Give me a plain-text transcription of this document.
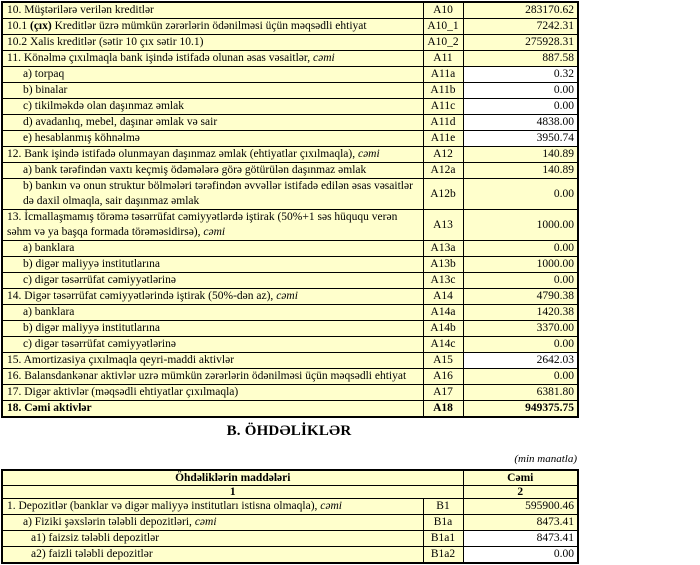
10. Müştərilərə verilən kreditlər	A10	283170.62
10.1 (çıx) Kreditlər üzrə mümkün zərərlərin ödənilməsi üçün məqsədli ehtiyat	A10_1	7242.31
10.2 Xalis kreditlər (sətir 10 çıx sətir 10.1)	A10_2	275928.31
11. Könəlmə çıxılmaqla bank işində istifadə olunan əsas vəsaitlər, cəmi	A11	887.58
a) torpaq	A11a	0.32
b) binalar	A11b	0.00
c) tikilməkdə olan daşınmaz əmlak	A11c	0.00
d) avadanlıq, mebel, daşınar əmlak və sair	A11d	4838.00
e) hesablanmış köhnəlmə	A11e	3950.74
12. Bank işində istifadə olunmayan daşınmaz əmlak (ehtiyatlar çıxılmaqla), cəmi	A12	140.89
a) bank tərəfindən vaxtı keçmiş ödəmələrə görə götürülən daşınmaz əmlak	A12a	140.89
b) bankın və onun struktur bölmələri tərəfindən əvvəllər istifadə edilən əsas vəsaitlər də daxil olmaqla, sair daşınmaz əmlak	A12b	0.00
13. İcmallaşmamış törəmə təsərrüfat cəmiyyətlərdə iştirak (50%+1 səs hüququ verən səhm və ya başqa formada törəməsidirsə), cəmi	A13	1000.00
a) banklara	A13a	0.00
b) digər maliyyə institutlarına	A13b	1000.00
c) digər təsərrüfat cəmiyyətlərinə	A13c	0.00
14. Digər təsərrüfat cəmiyyətlərində iştirak (50%-dən az), cəmi	A14	4790.38
a) banklara	A14a	1420.38
b) digər maliyyə institutlarına	A14b	3370.00
c) digər təsərrüfat cəmiyyətlərinə	A14c	0.00
15. Amortizasiya çıxılmaqla qeyri-maddi aktivlər	A15	2642.03
16. Balansdankənar aktivlər uzrə mümkün zərərlərin ödənilməsi üçün məqsədli ehtiyat	A16	0.00
17. Digər aktivlər (məqsədli ehtiyatlar çıxılmaqla)	A17	6381.80
18. Cəmi aktivlər	A18	949375.75
B. ÖHDƏLİKLƏR
(min manatla)
Öhdəliklərin maddələri		Cəmi
1		2
1. Depozitlər (banklar və digər maliyyə institutları istisna olmaqla), cəmi	B1	595900.46
a) Fiziki şəxslərin tələbli depozitləri, cəmi	B1a	8473.41
a1) faizsiz tələbli depozitlər	B1a1	8473.41
a2) faizli tələbli depozitlər	B1a2	0.00
